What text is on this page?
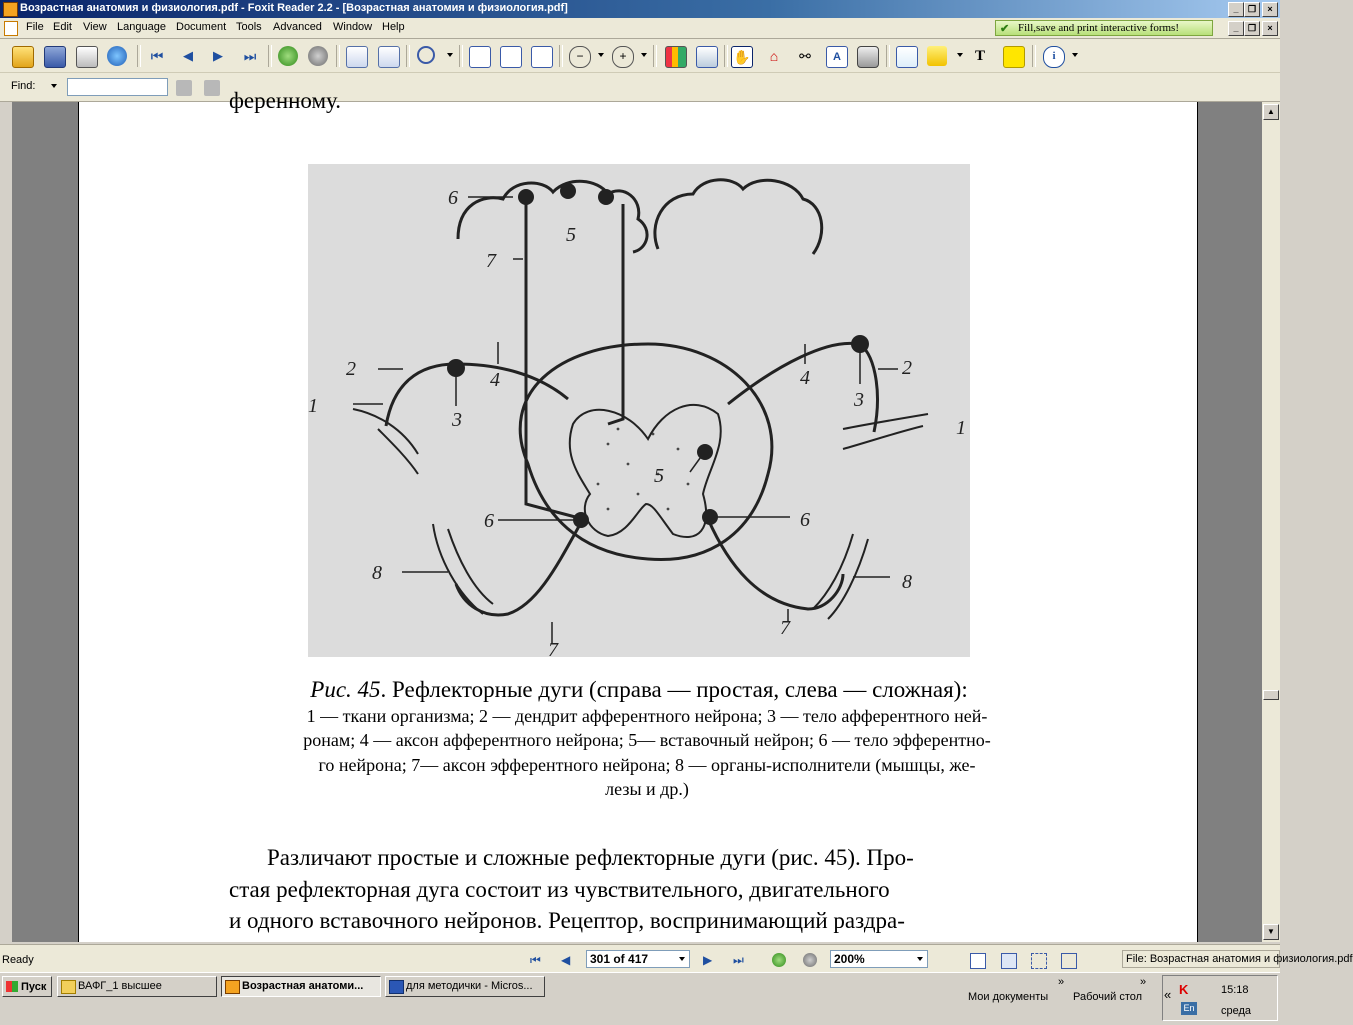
Возрастная анатомия и физиология.pdf - Foxit Reader 2.2 - [Возрастная анатомия и физиология.pdf]	_	❐	×
File Edit View Language Document Tools Advanced Window Help	✔ Fill,save and print interactive forms!	_	❐	×
⏮	◀	▶	⏭	−	+	✋	⌂	⚯	A	T	i
Find:
ференному.
6
5
7
2
1
3
4
6
8
7
4
3
2
1
5
6
8
7
Рис. 45. Рефлекторные дуги (справа — простая, слева — сложная):
1 — ткани организма; 2 — дендрит афферентного нейрона; 3 — тело афферентного ней-
ронам; 4 — аксон афферентного нейрона; 5— вставочный нейрон; 6 — тело эфферентно-
го нейрона; 7— аксон эфферентного нейрона; 8 — органы-исполнители (мышцы, же-
лезы и др.)
Различают простые и сложные рефлекторные дуги (рис. 45). Про-
стая рефлекторная дуга состоит из чувствительного, двигательного
и одного вставочного нейронов. Рецептор, воспринимающий раздра-
▲
▼
Ready	⏮ ◀	301 of 417	▶	⏭	200%	File: Возрастная анатомия и физиология.pdf
Пуск	ВАФГ_1 высшее	Возрастная анатоми...	для методички - Micros...	»
Мои документы
»
Рабочий стол « K
En
15:18
среда
